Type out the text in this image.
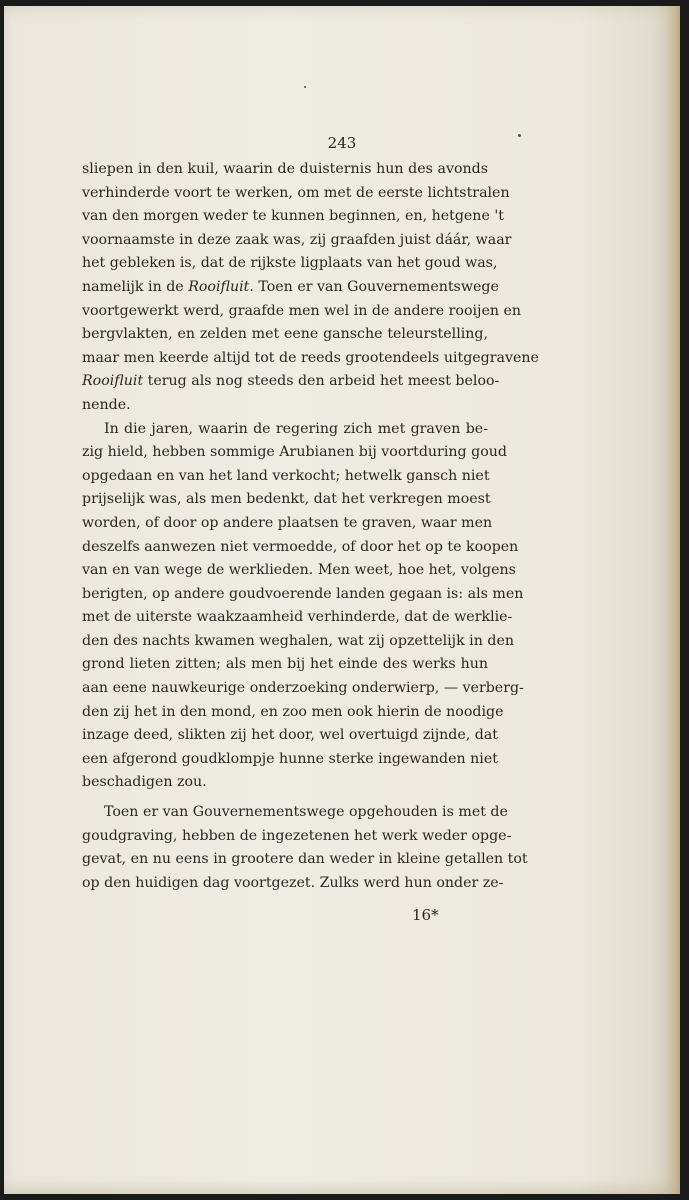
243
sliepen in den kuil, waarin de duisternis hun des avonds
verhinderde voort te werken, om met de eerste lichtstralen
van den morgen weder te kunnen beginnen, en, hetgene 't
voornaamste in deze zaak was, zij graafden juist dáár, waar
het gebleken is, dat de rijkste ligplaats van het goud was,
namelijk in de Rooifluit. Toen er van Gouvernementswege
voortgewerkt werd, graafde men wel in de andere rooijen en
bergvlakten, en zelden met eene gansche teleurstelling,
maar men keerde altijd tot de reeds grootendeels uitgegravene
Rooifluit terug als nog steeds den arbeid het meest beloo-
nende.
In die jaren, waarin de regering zich met graven be-
zig hield, hebben sommige Arubianen bij voortduring goud
opgedaan en van het land verkocht; hetwelk gansch niet
prijselijk was, als men bedenkt, dat het verkregen moest
worden, of door op andere plaatsen te graven, waar men
deszelfs aanwezen niet vermoedde, of door het op te koopen
van en van wege de werklieden. Men weet, hoe het, volgens
berigten, op andere goudvoerende landen gegaan is: als men
met de uiterste waakzaamheid verhinderde, dat de werklie-
den des nachts kwamen weghalen, wat zij opzettelijk in den
grond lieten zitten; als men bij het einde des werks hun
aan eene nauwkeurige onderzoeking onderwierp, — verberg-
den zij het in den mond, en zoo men ook hierin de noodige
inzage deed, slikten zij het door, wel overtuigd zijnde, dat
een afgerond goudklompje hunne sterke ingewanden niet
beschadigen zou.
Toen er van Gouvernementswege opgehouden is met de
goudgraving, hebben de ingezetenen het werk weder opge-
gevat, en nu eens in grootere dan weder in kleine getallen tot
op den huidigen dag voortgezet. Zulks werd hun onder ze-
16*
